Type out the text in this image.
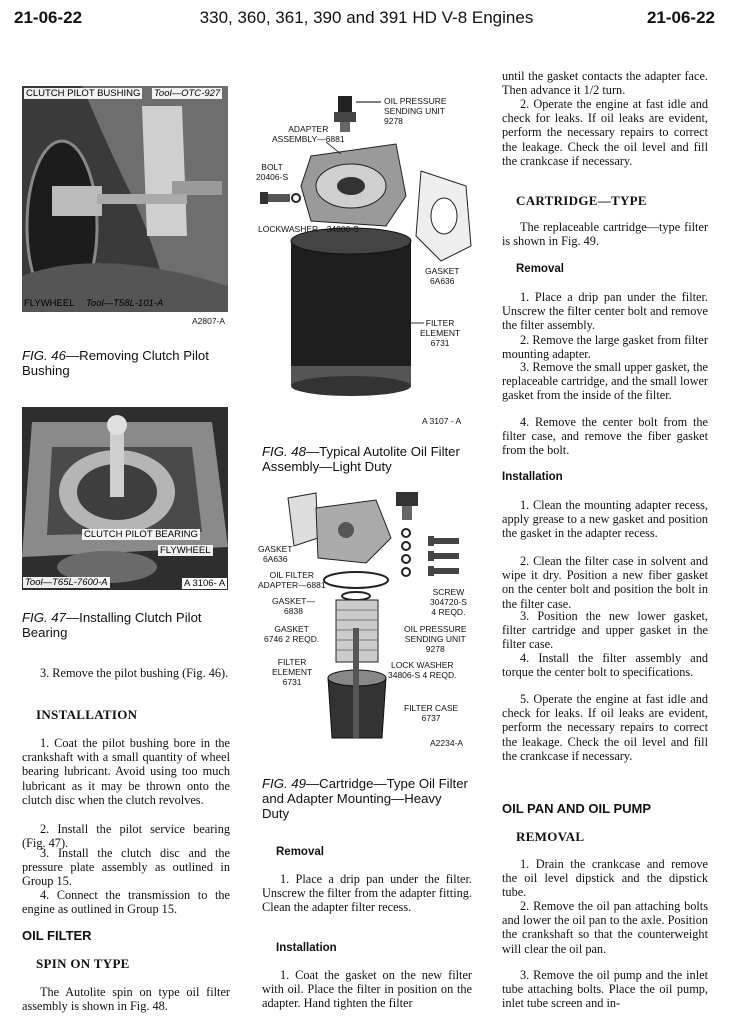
21-06-22	330, 360, 361, 390 and 391 HD V-8 Engines	21-06-22
CLUTCH PILOT BUSHING Tool—OTC-927
FLYWHEEL Tool—T58L-101-A
A2807-A
FIG. 46—Removing Clutch Pilot Bushing
CLUTCH PILOT BEARING
FLYWHEEL
Tool—T65L-7600-A	A 3106- A
FIG. 47—Installing Clutch Pilot Bearing

3. Remove the pilot bushing (Fig. 46).

INSTALLATION

1. Coat the pilot bushing bore in the crankshaft with a small quantity of wheel bearing lubricant. Avoid using too much lubricant as it may be thrown onto the clutch disc when the clutch revolves.

2. Install the pilot service bearing (Fig. 47).

3. Install the clutch disc and the pressure plate assembly as outlined in Group 15.

4. Connect the transmission to the engine as outlined in Group 15.

OIL FILTER
SPIN ON TYPE

The Autolite spin on type oil filter assembly is shown in Fig. 48.

OIL PRESSURE
SENDING UNIT
9278
ADAPTER
ASSEMBLY—6881
BOLT
20406-S
LOCKWASHER—34806-S
GASKET
6A636
FILTER
ELEMENT
6731
A 3107 - A
FIG. 48—Typical Autolite Oil Filter Assembly—Light Duty
GASKET
6A636
OIL FILTER
ADAPTER—6881
GASKET—
6838
GASKET
6746 2 REQD.
FILTER
ELEMENT
6731
SCREW
304720-S
4 REQD.
OIL PRESSURE
SENDING UNIT
9278
LOCK WASHER
34806-S 4 REQD.
FILTER CASE
6737
A2234-A
FIG. 49—Cartridge—Type Oil Filter and Adapter Mounting—Heavy Duty
Removal

1. Place a drip pan under the filter. Unscrew the filter from the adapter fitting. Clean the adapter filter recess.

Installation

1. Coat the gasket on the new filter with oil. Place the filter in position on the adapter. Hand tighten the filter

until the gasket contacts the adapter face. Then advance it 1/2 turn.

2. Operate the engine at fast idle and check for leaks. If oil leaks are evident, perform the necessary repairs to correct the leakage. Check the oil level and fill the crankcase if necessary.

CARTRIDGE—TYPE

The replaceable cartridge—type filter is shown in Fig. 49.

Removal

1. Place a drip pan under the filter. Unscrew the filter center bolt and remove the filter assembly.

2. Remove the large gasket from filter mounting adapter.

3. Remove the small upper gasket, the replaceable cartridge, and the small lower gasket from the inside of the filter.

4. Remove the center bolt from the filter case, and remove the fiber gasket from the bolt.

Installation

1. Clean the mounting adapter recess, apply grease to a new gasket and position the gasket in the adapter recess.

2. Clean the filter case in solvent and wipe it dry. Position a new fiber gasket on the center bolt and position the bolt in the filter case.

3. Position the new lower gasket, filter cartridge and upper gasket in the filter case.

4. Install the filter assembly and torque the center bolt to specifications.

5. Operate the engine at fast idle and check for leaks. If oil leaks are evident, perform the necessary repairs to correct the leakage. Check the oil level and fill the crankcase if necessary.

OIL PAN AND OIL PUMP
REMOVAL

1. Drain the crankcase and remove the oil level dipstick and the dipstick tube.

2. Remove the oil pan attaching bolts and lower the oil pan to the axle. Position the crankshaft so that the counterweight will clear the oil pan.

3. Remove the oil pump and the inlet tube attaching bolts. Place the oil pump, inlet tube screen and in-
